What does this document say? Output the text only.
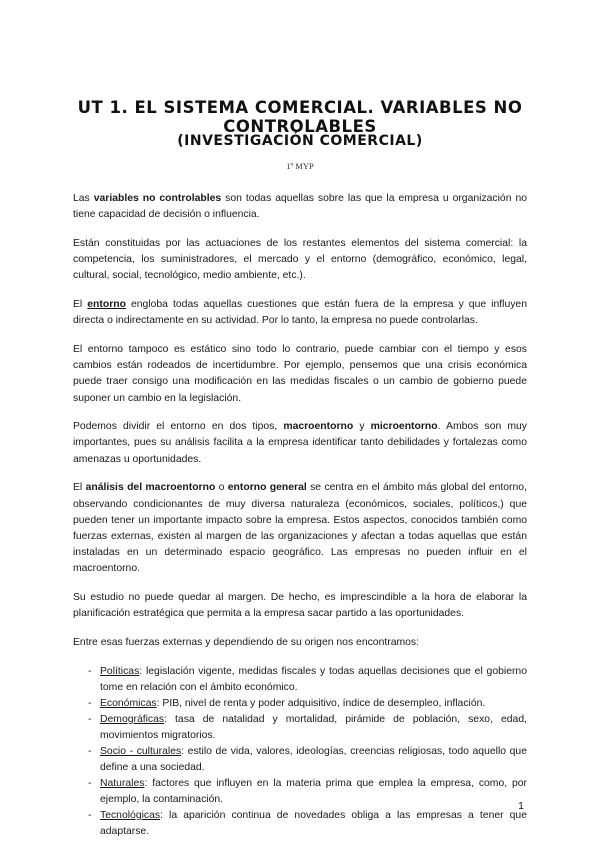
UT 1. EL SISTEMA COMERCIAL. VARIABLES NO CONTROLABLES
(INVESTIGACIÓN COMERCIAL)
1º MYP

Las variables no controlables son todas aquellas sobre las que la empresa u organización no tiene capacidad de decisión o influencia.

Están constituidas por las actuaciones de los restantes elementos del sistema comercial: la competencia, los suministradores, el mercado y el entorno (demográfico, económico, legal, cultural, social, tecnológico, medio ambiente, etc.).

El entorno engloba todas aquellas cuestiones que están fuera de la empresa y que influyen directa o indirectamente en su actividad. Por lo tanto, la empresa no puede controlarlas.

El entorno tampoco es estático sino todo lo contrario, puede cambiar con el tiempo y esos cambios están rodeados de incertidumbre. Por ejemplo, pensemos que una crisis económica puede traer consigo una modificación en las medidas fiscales o un cambio de gobierno puede suponer un cambio en la legislación.

Podemos dividir el entorno en dos tipos, macroentorno y microentorno. Ambos son muy importantes, pues su análisis facilita a la empresa identificar tanto debilidades y fortalezas como amenazas u oportunidades.

El análisis del macroentorno o entorno general se centra en el ámbito más global del entorno, observando condicionantes de muy diversa naturaleza (económicos, sociales, políticos,) que pueden tener un importante impacto sobre la empresa. Estos aspectos, conocidos también como fuerzas externas, existen al margen de las organizaciones y afectan a todas aquellas que están instaladas en un determinado espacio geográfico. Las empresas no pueden influir en el macroentorno.

Su estudio no puede quedar al margen. De hecho, es imprescindible a la hora de elaborar la planificación estratégica que permita a la empresa sacar partido a las oportunidades.

Entre esas fuerzas externas y dependiendo de su origen nos encontramos:

- Políticas: legislación vigente, medidas fiscales y todas aquellas decisiones que el gobierno tome en relación con el ámbito económico.
- Económicas: PIB, nivel de renta y poder adquisitivo, índice de desempleo, inflación.
- Demográficas: tasa de natalidad y mortalidad, pirámide de población, sexo, edad, movimientos migratorios.
- Socio - culturales: estilo de vida, valores, ideologías, creencias religiosas, todo aquello que define a una sociedad.
- Naturales: factores que influyen en la materia prima que emplea la empresa, como, por ejemplo, la contaminación.
- Tecnológicas: la aparición continua de novedades obliga a las empresas a tener que adaptarse.
1
